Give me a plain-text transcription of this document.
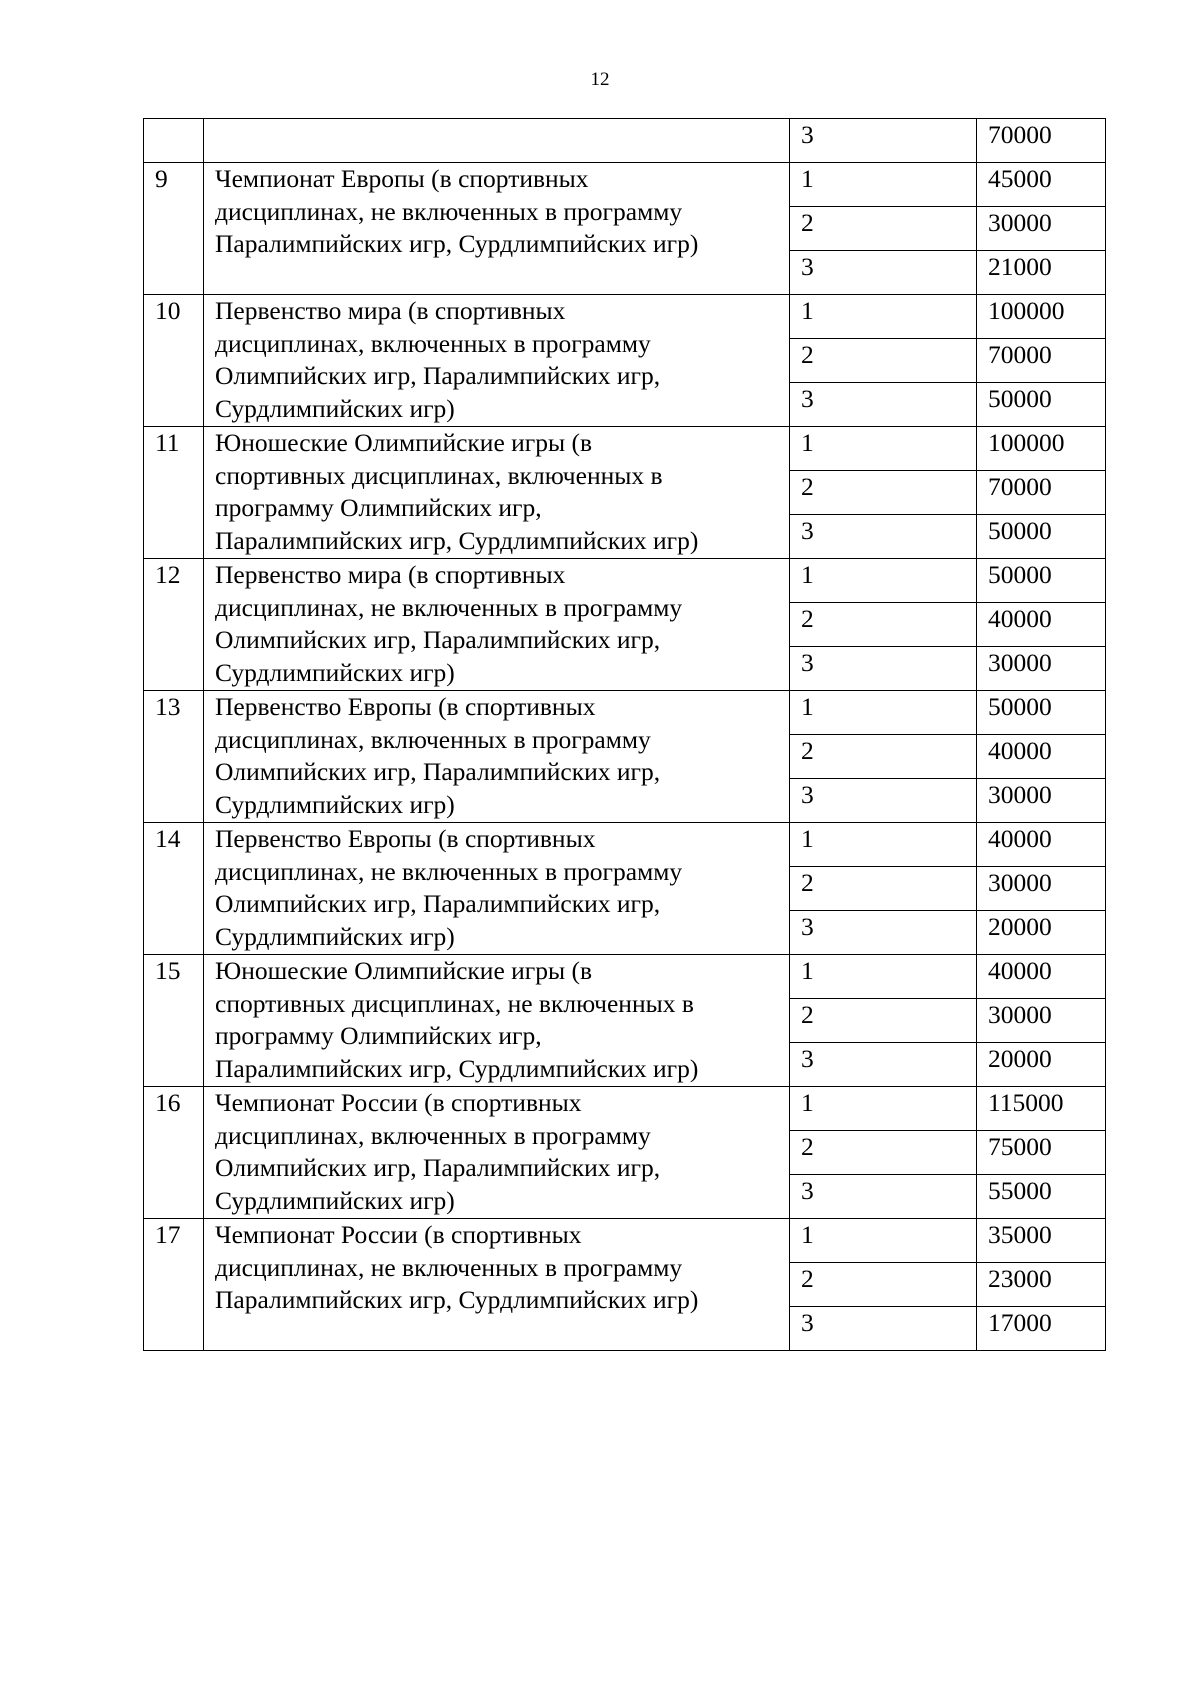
12
		3	70000
9	Чемпионат Европы (в спортивных
дисциплинах, не включенных в программу
Паралимпийских игр, Сурдлимпийских игр)	1	45000
		2	30000
		3	21000
10	Первенство мира (в спортивных
дисциплинах, включенных в программу
Олимпийских игр, Паралимпийских игр,
Сурдлимпийских игр)	1	100000
		2	70000
		3	50000
11	Юношеские Олимпийские игры (в
спортивных дисциплинах, включенных в
программу Олимпийских игр,
Паралимпийских игр, Сурдлимпийских игр)	1	100000
		2	70000
		3	50000
12	Первенство мира (в спортивных
дисциплинах, не включенных в программу
Олимпийских игр, Паралимпийских игр,
Сурдлимпийских игр)	1	50000
		2	40000
		3	30000
13	Первенство Европы (в спортивных
дисциплинах, включенных в программу
Олимпийских игр, Паралимпийских игр,
Сурдлимпийских игр)	1	50000
		2	40000
		3	30000
14	Первенство Европы (в спортивных
дисциплинах, не включенных в программу
Олимпийских игр, Паралимпийских игр,
Сурдлимпийских игр)	1	40000
		2	30000
		3	20000
15	Юношеские Олимпийские игры (в
спортивных дисциплинах, не включенных в
программу Олимпийских игр,
Паралимпийских игр, Сурдлимпийских игр)	1	40000
		2	30000
		3	20000
16	Чемпионат России (в спортивных
дисциплинах, включенных в программу
Олимпийских игр, Паралимпийских игр,
Сурдлимпийских игр)	1	115000
		2	75000
		3	55000
17	Чемпионат России (в спортивных
дисциплинах, не включенных в программу
Паралимпийских игр, Сурдлимпийских игр)	1	35000
		2	23000
		3	17000
